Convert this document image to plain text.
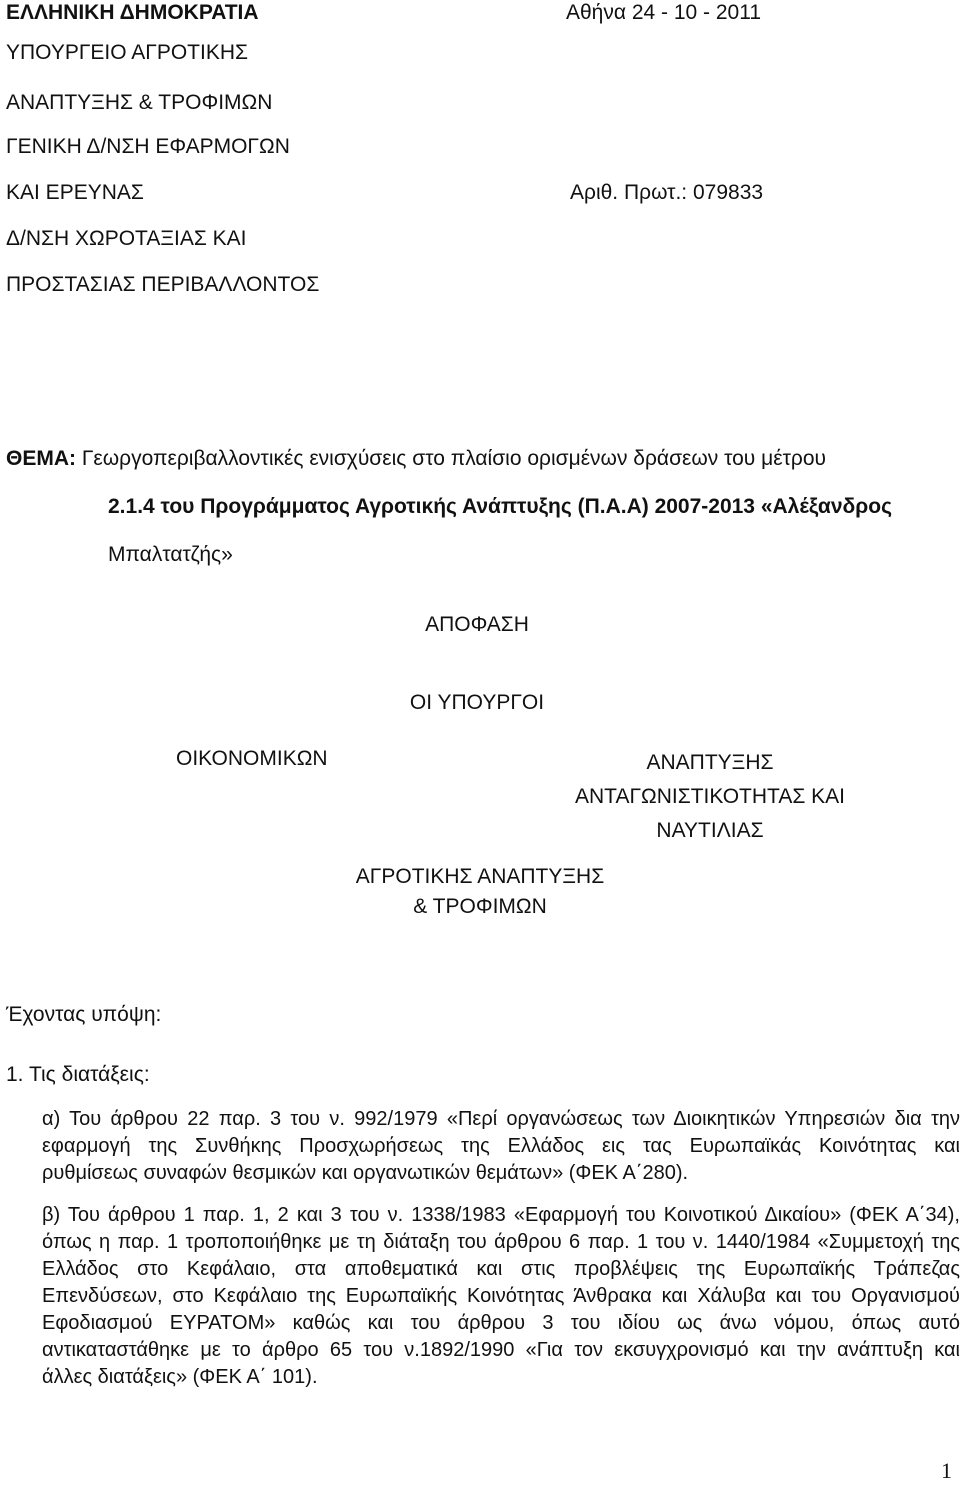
ΕΛΛΗΝΙΚΗ ΔΗΜΟΚΡΑΤΙΑ
ΥΠΟΥΡΓΕΙΟ ΑΓΡΟΤΙΚΗΣ
ΑΝΑΠΤΥΞΗΣ & ΤΡΟΦΙΜΩΝ
ΓΕΝΙΚΗ Δ/ΝΣΗ ΕΦΑΡΜΟΓΩΝ
ΚΑΙ ΕΡΕΥΝΑΣ
Δ/ΝΣΗ ΧΩΡΟΤΑΞΙΑΣ ΚΑΙ
ΠΡΟΣΤΑΣΙΑΣ ΠΕΡΙΒΑΛΛΟΝΤΟΣ
Αθήνα 24 - 10 - 2011
Αριθ. Πρωτ.: 079833
ΘΕΜΑ: Γεωργοπεριβαλλοντικές ενισχύσεις στο πλαίσιο ορισμένων δράσεων του μέτρου
2.1.4 του Προγράμματος Αγροτικής Ανάπτυξης (Π.Α.Α) 2007-2013 «Αλέξανδρος
Μπαλτατζής»
ΑΠΟΦΑΣΗ
ΟΙ ΥΠΟΥΡΓΟΙ
ΟΙΚΟΝΟΜΙΚΩΝ	ΑΝΑΠΤΥΞΗΣ
ΑΝΤΑΓΩΝΙΣΤΙΚΟΤΗΤΑΣ ΚΑΙ
ΝΑΥΤΙΛΙΑΣ
ΑΓΡΟΤΙΚΗΣ ΑΝΑΠΤΥΞΗΣ
& ΤΡΟΦΙΜΩΝ
Έχοντας υπόψη:
1. Τις διατάξεις:
α) Του άρθρου 22 παρ. 3 του ν. 992/1979 «Περί οργανώσεως των Διοικητικών Υπηρεσιών δια την
εφαρμογή της Συνθήκης Προσχωρήσεως της Ελλάδος εις τας Ευρωπαϊκάς Κοινότητας και
ρυθμίσεως συναφών θεσμικών και οργανωτικών θεμάτων» (ΦΕΚ Α΄280).
β) Του άρθρου 1 παρ. 1, 2 και 3 του ν. 1338/1983 «Εφαρμογή του Κοινοτικού Δικαίου» (ΦΕΚ Α΄34),
όπως η παρ. 1 τροποποιήθηκε με τη διάταξη του άρθρου 6 παρ. 1 του ν. 1440/1984 «Συμμετοχή της
Ελλάδος στο Κεφάλαιο, στα αποθεματικά και στις προβλέψεις της Ευρωπαϊκής Τράπεζας
Επενδύσεων, στο Κεφάλαιο της Ευρωπαϊκής Κοινότητας Άνθρακα και Χάλυβα και του Οργανισμού
Εφοδιασμού ΕΥΡΑΤΟΜ» καθώς και του άρθρου 3 του ιδίου ως άνω νόμου, όπως αυτό
αντικαταστάθηκε με το άρθρο 65 του ν.1892/1990 «Για τον εκσυγχρονισμό και την ανάπτυξη και
άλλες διατάξεις» (ΦΕΚ Α΄ 101).
1
